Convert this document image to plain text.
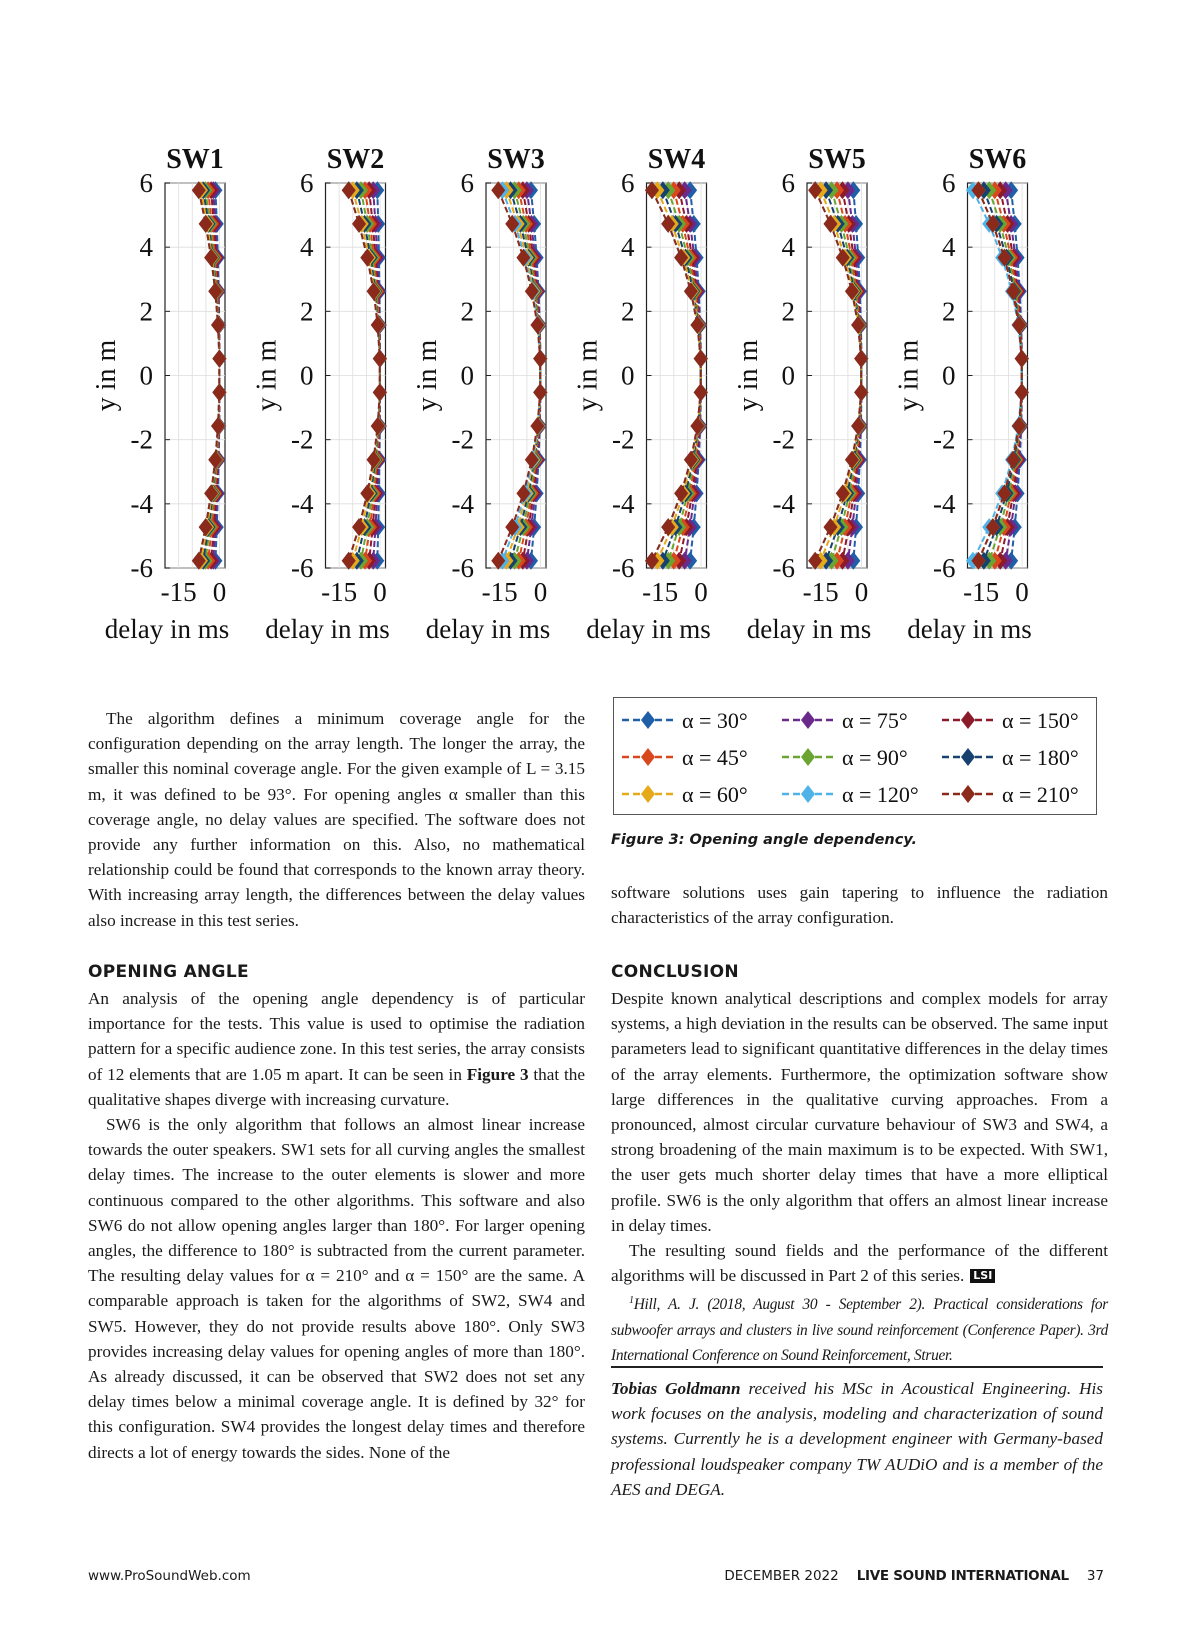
6
4
2
0
-2
-4
-6
SW1
-15 0
delay in ms
y in m
6
4
2
0
-2
-4
-6
SW2
-15 0
delay in ms
y in m
6
4
2
0
-2
-4
-6
SW3
-15 0
delay in ms
y in m
6
4
2
0
-2
-4
-6
SW4
-15 0
delay in ms
y in m
6
4
2
0
-2
-4
-6
SW5
-15 0
delay in ms
y in m
6
4
2
0
-2
-4
-6
SW6
-15 0
delay in ms
y in m

The algorithm defines a minimum coverage angle for the configuration depending on the array length. The longer the array, the smaller this nominal coverage angle. For the given example of L = 3.15 m, it was defined to be 93°. For opening angles α smaller than this coverage angle, no delay values are specified. The software does not provide any further information on this. Also, no mathematical relationship could be found that corresponds to the known array theory. With increasing array length, the differences between the delay values also increase in this test series.

OPENING ANGLE

An analysis of the opening angle dependency is of particular importance for the tests. This value is used to optimise the radiation pattern for a specific audience zone. In this test series, the array consists of 12 elements that are 1.05 m apart. It can be seen in Figure 3 that the qualitative shapes diverge with increasing curvature.

SW6 is the only algorithm that follows an almost linear increase towards the outer speakers. SW1 sets for all curving angles the smallest delay times. The increase to the outer elements is slower and more continuous compared to the other algorithms. This software and also SW6 do not allow opening angles larger than 180°. For larger opening angles, the difference to 180° is subtracted from the current parameter. The resulting delay values for α = 210° and α = 150° are the same. A comparable approach is taken for the algorithms of SW2, SW4 and SW5. However, they do not provide results above 180°. Only SW3 provides increasing delay values for opening angles of more than 180°. As already discussed, it can be observed that SW2 does not set any delay times below a minimal coverage angle. It is defined by 32° for this configuration. SW4 provides the longest delay times and therefore directs a lot of energy towards the sides. None of the

α = 30°	α = 75°	α = 150°
α = 45°	α = 90°	α = 180°
α = 60°	α = 120°	α = 210°
Figure 3: Opening angle dependency.

software solutions uses gain tapering to influence the radiation characteristics of the array configuration.

CONCLUSION

Despite known analytical descriptions and complex models for array systems, a high deviation in the results can be observed. The same input parameters lead to significant quantitative differences in the delay times of the array elements. Furthermore, the optimization software show large differences in the qualitative curving approaches. From a pronounced, almost circular curvature behaviour of SW3 and SW4, a strong broadening of the main maximum is to be expected. With SW1, the user gets much shorter delay times that have a more elliptical profile. SW6 is the only algorithm that offers an almost linear increase in delay times.

The resulting sound fields and the performance of the different algorithms will be discussed in Part 2 of this series. LSI

$^1$Hill, A. J. (2018, August 30 - September 2). Practical considerations for subwoofer arrays and clusters in live sound reinforcement (Conference Paper). 3rd International Conference on Sound Reinforcement, Struer.

Tobias Goldmann received his MSc in Acoustical Engineering. His work focuses on the analysis, modeling and characterization of sound systems. Currently he is a development engineer with Germany-based professional loudspeaker company TW AUDiO and is a member of the AES and DEGA.
www.ProSoundWeb.com	DECEMBER 2022 LIVE SOUND INTERNATIONAL 37
